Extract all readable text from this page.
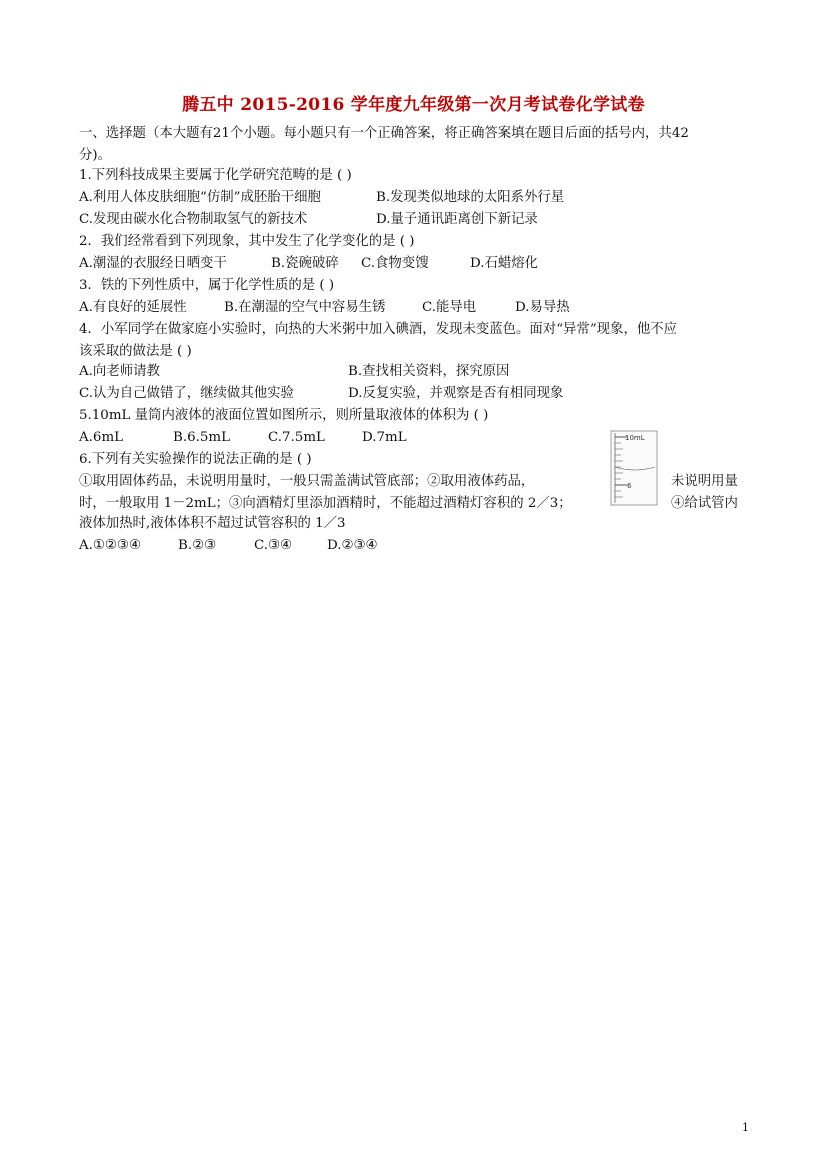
腾五中 2015-2016 学年度九年级第一次月考试卷化学试卷
一、选择题（本大题有21个小题。每小题只有一个正确答案，将正确答案填在题目后面的括号内，共42
分)。
1.下列科技成果主要属于化学研究范畴的是 ( )
A.利用人体皮肤细胞“仿制”成胚胎干细胞	B.发现类似地球的太阳系外行星
C.发现由碳水化合物制取氢气的新技术	D.量子通讯距离创下新记录
2．我们经常看到下列现象，其中发生了化学变化的是 ( )
A.潮湿的衣服经日晒变干	B.瓷碗破碎 C.食物变馊	D.石蜡熔化
3．铁的下列性质中，属于化学性质的是 ( )
A.有良好的延展性	B.在潮湿的空气中容易生锈	C.能导电	D.易导热
4．小军同学在做家庭小实验时，向热的大米粥中加入碘酒，发现未变蓝色。面对“异常”现象，他不应
该采取的做法是 ( )
A.向老师请教	B.查找相关资料，探究原因
C.认为自己做错了，继续做其他实验	D.反复实验，并观察是否有相同现象
5.10mL 量筒内液体的液面位置如图所示，则所量取液体的体积为 ( )
A.6mL	B.6.5mL	C.7.5mL	D.7mL	10mL
6
6.下列有关实验操作的说法正确的是 ( )
①取用固体药品，未说明用量时，一般只需盖满试管底部；②取用液体药品，	未说明用量
时，一般取用 1－2mL；③向酒精灯里添加酒精时，不能超过酒精灯容积的 2／3；	④给试管内
液体加热时,液体体积不超过试管容积的 1／3
A.①②③④	B.②③	C.③④	D.②③④
1
